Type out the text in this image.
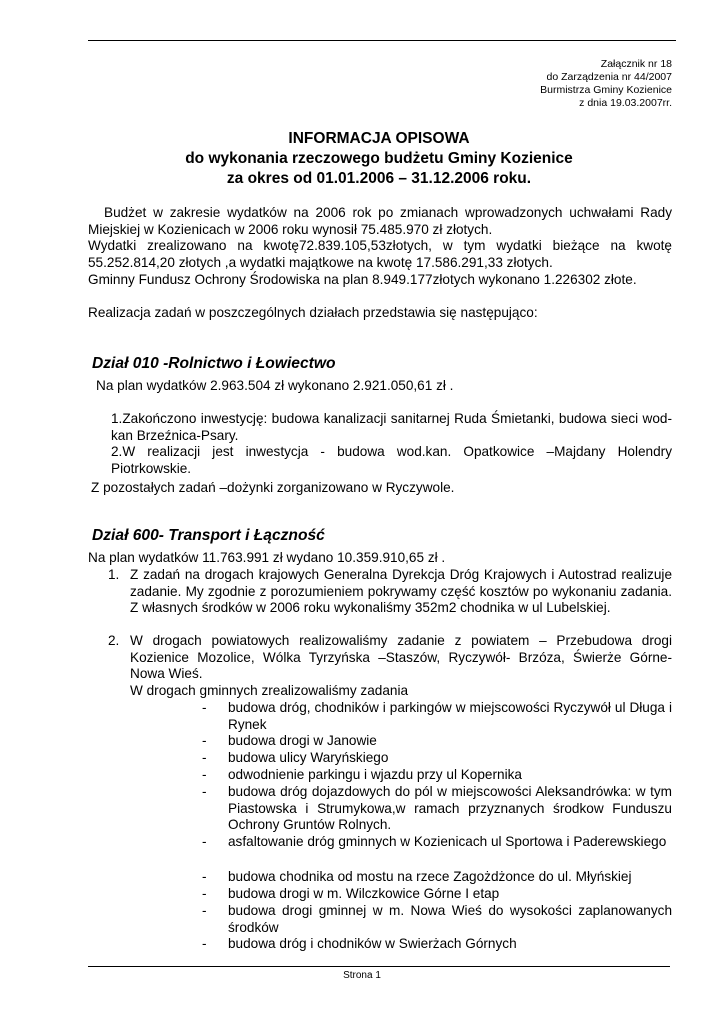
Załącznik nr 18
do Zarządzenia nr 44/2007
Burmistrza Gminy Kozienice
z dnia 19.03.2007rr.
INFORMACJA OPISOWA
do wykonania rzeczowego budżetu Gminy Kozienice
za okres od 01.01.2006 – 31.12.2006 roku.
Budżet w zakresie wydatków na 2006 rok po zmianach wprowadzonych uchwałami Rady Miejskiej w Kozienicach w 2006 roku wynosił 75.485.970 zł złotych.
Wydatki zrealizowano na kwotę72.839.105,53złotych, w tym wydatki bieżące na kwotę 55.252.814,20 złotych ,a wydatki majątkowe na kwotę 17.586.291,33 złotych.
Gminny Fundusz Ochrony Środowiska na plan 8.949.177złotych wykonano 1.226302 złote.
Realizacja zadań w poszczególnych działach przedstawia się następująco:
Dział 010 -Rolnictwo i Łowiectwo
Na plan wydatków 2.963.504 zł wykonano 2.921.050,61 zł .
1.Zakończono inwestycję: budowa kanalizacji sanitarnej Ruda Śmietanki, budowa sieci wod-kan Brzeźnica-Psary.
2.W realizacji jest inwestycja - budowa wod.kan. Opatkowice –Majdany Holendry Piotrkowskie.
Z pozostałych zadań –dożynki zorganizowano w Ryczywole.
Dział 600- Transport i Łączność
Na plan wydatków 11.763.991 zł wydano 10.359.910,65 zł .
1. Z zadań na drogach krajowych Generalna Dyrekcja Dróg Krajowych i Autostrad realizuje zadanie. My zgodnie z porozumieniem pokrywamy część kosztów po wykonaniu zadania. Z własnych środków w 2006 roku wykonaliśmy 352m2 chodnika w ul Lubelskiej.
2. W drogach powiatowych realizowaliśmy zadanie z powiatem – Przebudowa drogi Kozienice Mozolice, Wólka Tyrzyńska –Staszów, Ryczywół- Brzóza, Świerże Górne- Nowa Wieś.
W drogach gminnych zrealizowaliśmy zadania
- budowa dróg, chodników i parkingów w miejscowości Ryczywół ul Długa i Rynek
- budowa drogi w Janowie
- budowa ulicy Waryńskiego
- odwodnienie parkingu i wjazdu przy ul Kopernika
- budowa dróg dojazdowych do pól w miejscowości Aleksandrówka: w tym Piastowska i Strumykowa,w ramach przyznanych środkow Funduszu Ochrony Gruntów Rolnych.
- asfaltowanie dróg gminnych w Kozienicach ul Sportowa i Paderewskiego
- budowa chodnika od mostu na rzece Zagożdżonce do ul. Młyńskiej
- budowa drogi w m. Wilczkowice Górne I etap
- budowa drogi gminnej w m. Nowa Wieś do wysokości zaplanowanych środków
- budowa dróg i chodników w Swierżach Górnych
Strona 1
